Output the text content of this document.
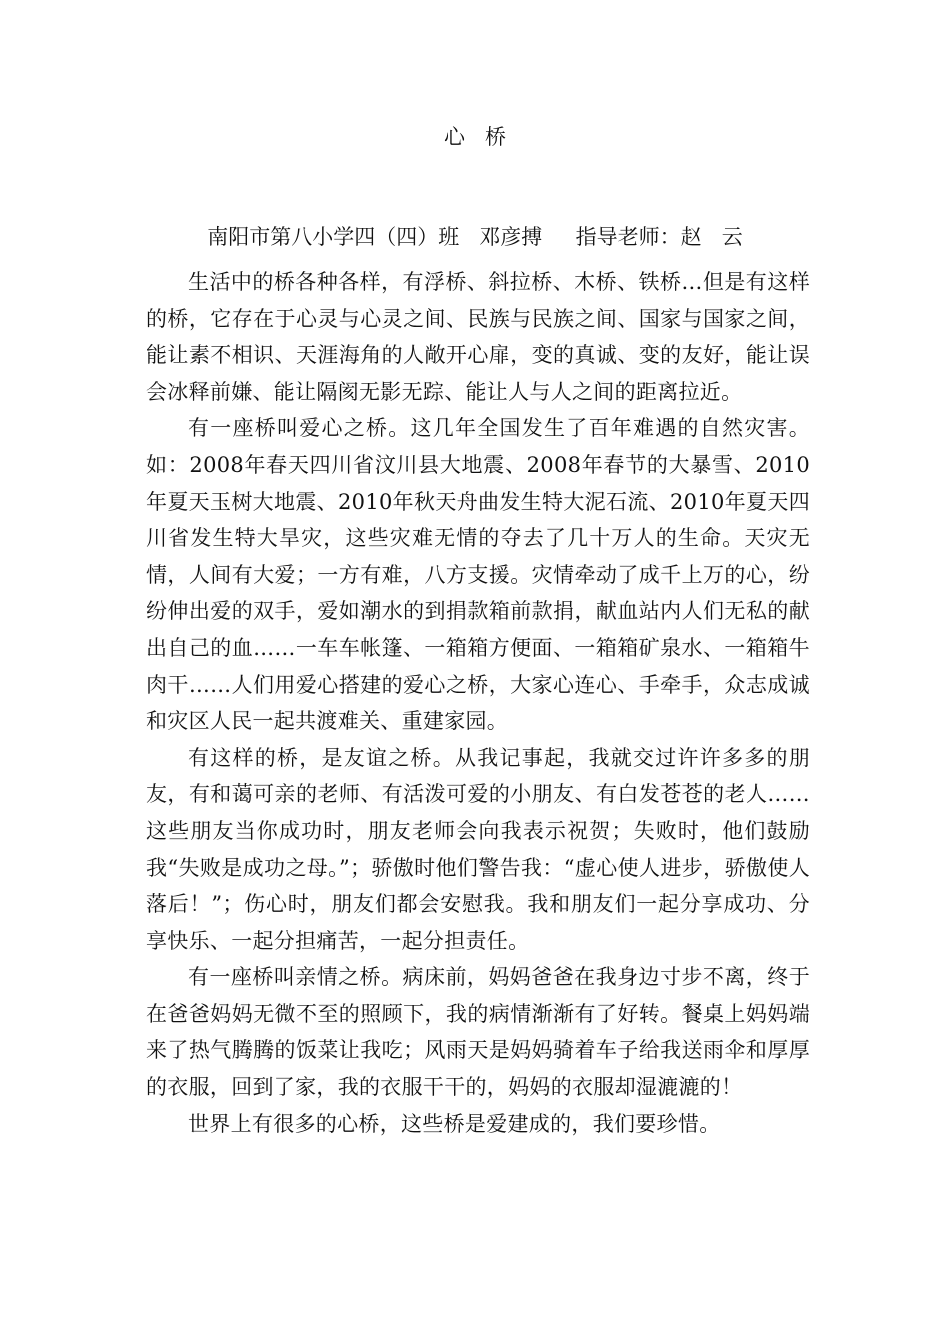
心桥
南阳市第八小学四（四）班   邓彦搏     指导老师：赵   云

生活中的桥各种各样，有浮桥、斜拉桥、木桥、铁桥…但是有这样的桥，它存在于心灵与心灵之间、民族与民族之间、国家与国家之间，能让素不相识、天涯海角的人敞开心扉，变的真诚、变的友好，能让误会冰释前嫌、能让隔阂无影无踪、能让人与人之间的距离拉近。

有一座桥叫爱心之桥。这几年全国发生了百年难遇的自然灾害。如：2008年春天四川省汶川县大地震、2008年春节的大暴雪、2010年夏天玉树大地震、2010年秋天舟曲发生特大泥石流、2010年夏天四川省发生特大旱灾，这些灾难无情的夺去了几十万人的生命。天灾无情，人间有大爱；一方有难，八方支援。灾情牵动了成千上万的心，纷纷伸出爱的双手，爱如潮水的到捐款箱前款捐，献血站内人们无私的献出自己的血……一车车帐篷、一箱箱方便面、一箱箱矿泉水、一箱箱牛肉干……人们用爱心搭建的爱心之桥，大家心连心、手牵手，众志成诚和灾区人民一起共渡难关、重建家园。

有这样的桥，是友谊之桥。从我记事起，我就交过许许多多的朋友，有和蔼可亲的老师、有活泼可爱的小朋友、有白发苍苍的老人……这些朋友当你成功时，朋友老师会向我表示祝贺；失败时，他们鼓励我“失败是成功之母。”；骄傲时他们警告我：“虚心使人进步，骄傲使人落后！”；伤心时，朋友们都会安慰我。我和朋友们一起分享成功、分享快乐、一起分担痛苦，一起分担责任。

有一座桥叫亲情之桥。病床前，妈妈爸爸在我身边寸步不离，终于在爸爸妈妈无微不至的照顾下，我的病情渐渐有了好转。餐桌上妈妈端来了热气腾腾的饭菜让我吃；风雨天是妈妈骑着车子给我送雨伞和厚厚的衣服，回到了家，我的衣服干干的，妈妈的衣服却湿漉漉的！

世界上有很多的心桥，这些桥是爱建成的，我们要珍惜。
